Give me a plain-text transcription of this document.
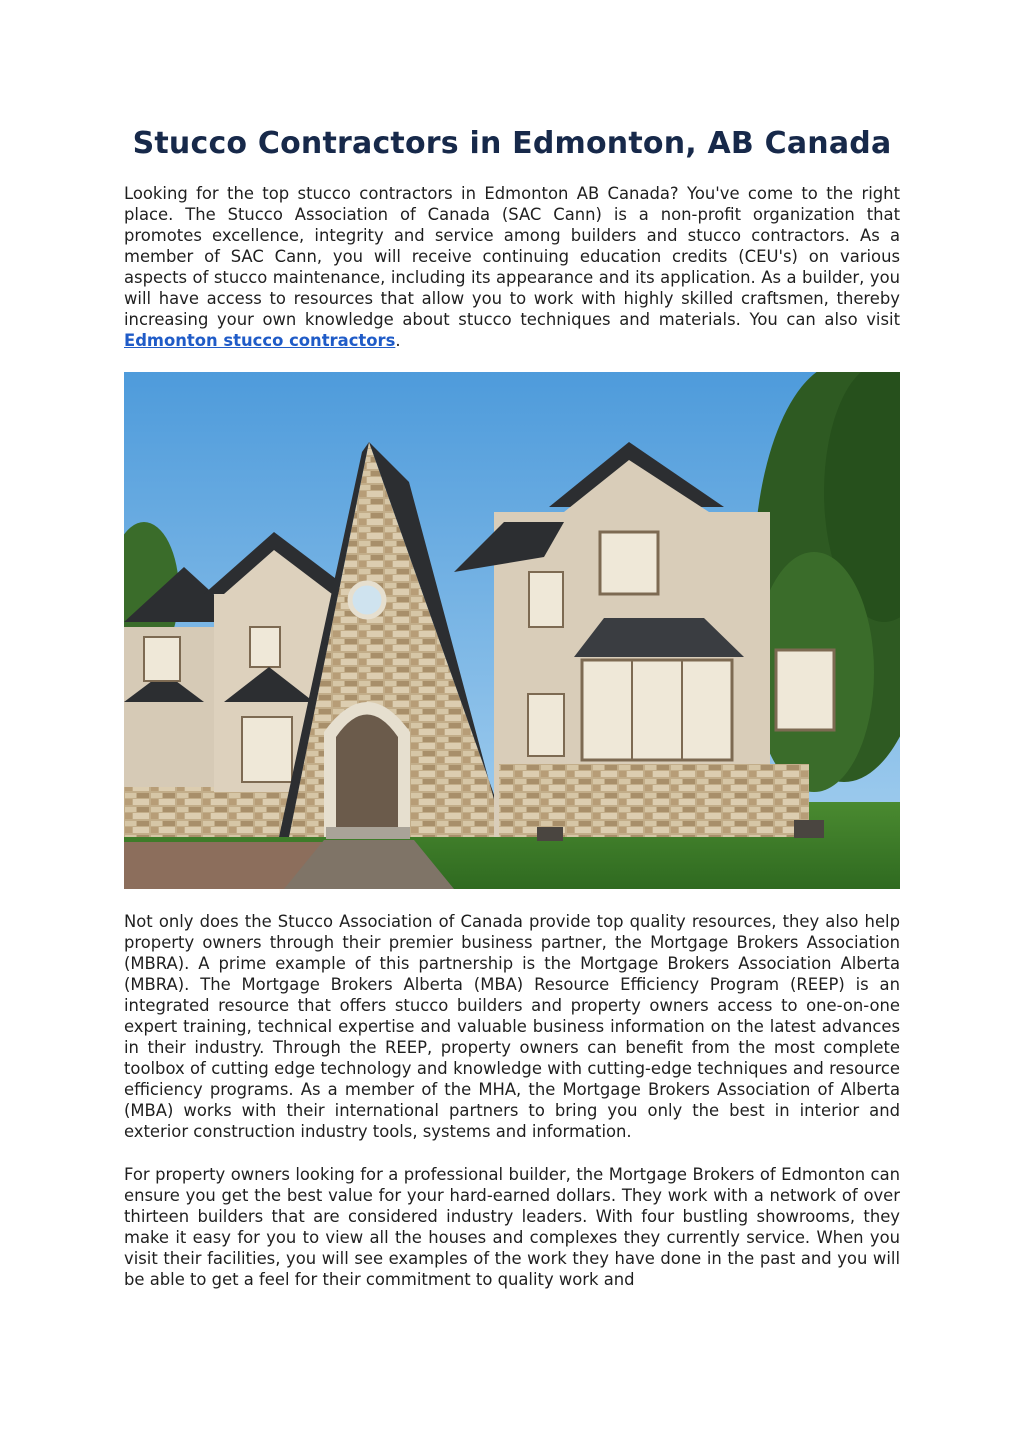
Stucco Contractors in Edmonton, AB Canada

Looking for the top stucco contractors in Edmonton AB Canada? You've come to the right place. The Stucco Association of Canada (SAC Cann) is a non-profit organization that promotes excellence, integrity and service among builders and stucco contractors. As a member of SAC Cann, you will receive continuing education credits (CEU's) on various aspects of stucco maintenance, including its appearance and its application. As a builder, you will have access to resources that allow you to work with highly skilled craftsmen, thereby increasing your own knowledge about stucco techniques and materials. You can also visit Edmonton stucco contractors.

Not only does the Stucco Association of Canada provide top quality resources, they also help property owners through their premier business partner, the Mortgage Brokers Association (MBRA). A prime example of this partnership is the Mortgage Brokers Association Alberta (MBRA). The Mortgage Brokers Alberta (MBA) Resource Efficiency Program (REEP) is an integrated resource that offers stucco builders and property owners access to one-on-one expert training, technical expertise and valuable business information on the latest advances in their industry. Through the REEP, property owners can benefit from the most complete toolbox of cutting edge technology and knowledge with cutting-edge techniques and resource efficiency programs. As a member of the MHA, the Mortgage Brokers Association of Alberta (MBA) works with their international partners to bring you only the best in interior and exterior construction industry tools, systems and information.

For property owners looking for a professional builder, the Mortgage Brokers of Edmonton can ensure you get the best value for your hard-earned dollars. They work with a network of over thirteen builders that are considered industry leaders. With four bustling showrooms, they make it easy for you to view all the houses and complexes they currently service. When you visit their facilities, you will see examples of the work they have done in the past and you will be able to get a feel for their commitment to quality work and
